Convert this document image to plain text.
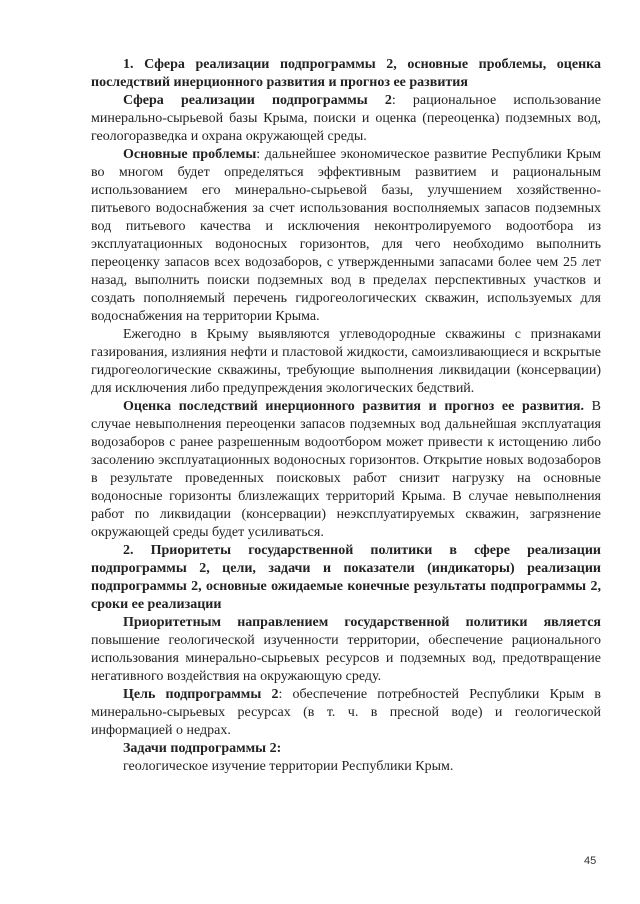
1. Сфера реализации подпрограммы 2, основные проблемы, оценка последствий инерционного развития и прогноз ее развития

Сфера реализации подпрограммы 2: рациональное использование минерально-сырьевой базы Крыма, поиски и оценка (переоценка) подземных вод, геологоразведка и охрана окружающей среды.

Основные проблемы: дальнейшее экономическое развитие Республики Крым во многом будет определяться эффективным развитием и рациональным использованием его минерально-сырьевой базы, улучшением хозяйственно-питьевого водоснабжения за счет использования восполняемых запасов подземных вод питьевого качества и исключения неконтролируемого водоотбора из эксплуатационных водоносных горизонтов, для чего необходимо выполнить переоценку запасов всех водозаборов, с утвержденными запасами более чем 25 лет назад, выполнить поиски подземных вод в пределах перспективных участков и создать пополняемый перечень гидрогеологических скважин, используемых для водоснабжения на территории Крыма.

Ежегодно в Крыму выявляются углеводородные скважины с признаками газирования, излияния нефти и пластовой жидкости, самоизливающиеся и вскрытые гидрогеологические скважины, требующие выполнения ликвидации (консервации) для исключения либо предупреждения экологических бедствий.

Оценка последствий инерционного развития и прогноз ее развития. В случае невыполнения переоценки запасов подземных вод дальнейшая эксплуатация водозаборов с ранее разрешенным водоотбором может привести к истощению либо засолению эксплуатационных водоносных горизонтов. Открытие новых водозаборов в результате проведенных поисковых работ снизит нагрузку на основные водоносные горизонты близлежащих территорий Крыма. В случае невыполнения работ по ликвидации (консервации) неэксплуатируемых скважин, загрязнение окружающей среды будет усиливаться.

2. Приоритеты государственной политики в сфере реализации подпрограммы 2, цели, задачи и показатели (индикаторы) реализации подпрограммы 2, основные ожидаемые конечные результаты подпрограммы 2, сроки ее реализации

Приоритетным направлением государственной политики является повышение геологической изученности территории, обеспечение рационального использования минерально-сырьевых ресурсов и подземных вод, предотвращение негативного воздействия на окружающую среду.

Цель подпрограммы 2: обеспечение потребностей Республики Крым в минерально-сырьевых ресурсах (в т. ч. в пресной воде) и геологической информацией о недрах.

Задачи подпрограммы 2:

геологическое изучение территории Республики Крым.

45
